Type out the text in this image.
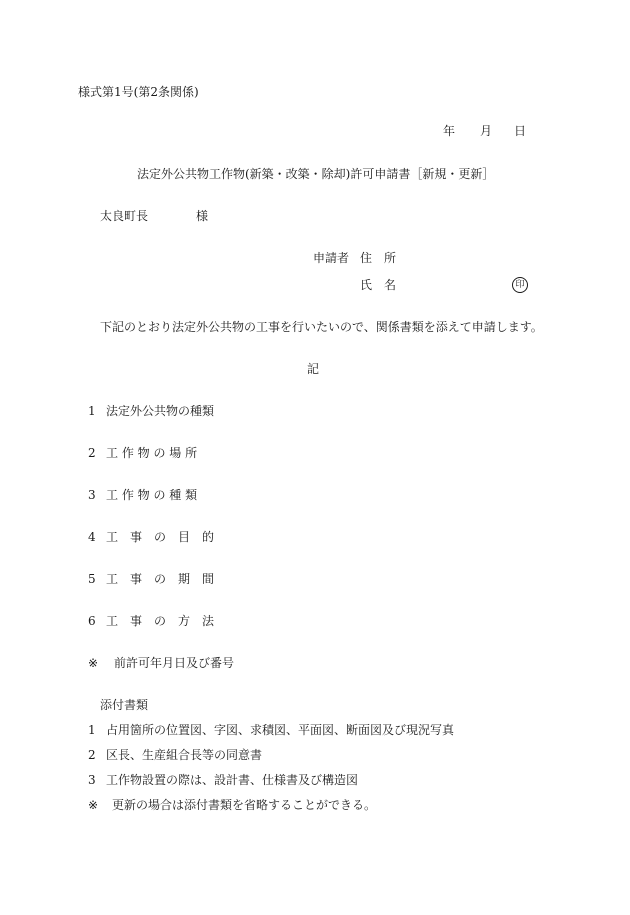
様式第1号(第2条関係)
年 月 日
法定外公共物工作物(新築・改築・除却)許可申請書［新規・更新］
太良町長	様
申請者 住　所
氏　名	印
下記のとおり法定外公共物の工事を行いたいので、関係書類を添えて申請します。
記
1 法定外公共物の種類
2 工 作 物 の 場 所
3 工 作 物 の 種 類
4 工　事　の　目　的
5 工　事　の　期　間
6 工　事　の　方　法
※ 前許可年月日及び番号
添付書類
1 占用箇所の位置図、字図、求積図、平面図、断面図及び現況写真
2 区長、生産組合長等の同意書
3 工作物設置の際は、設計書、仕様書及び構造図
※ 更新の場合は添付書類を省略することができる。
